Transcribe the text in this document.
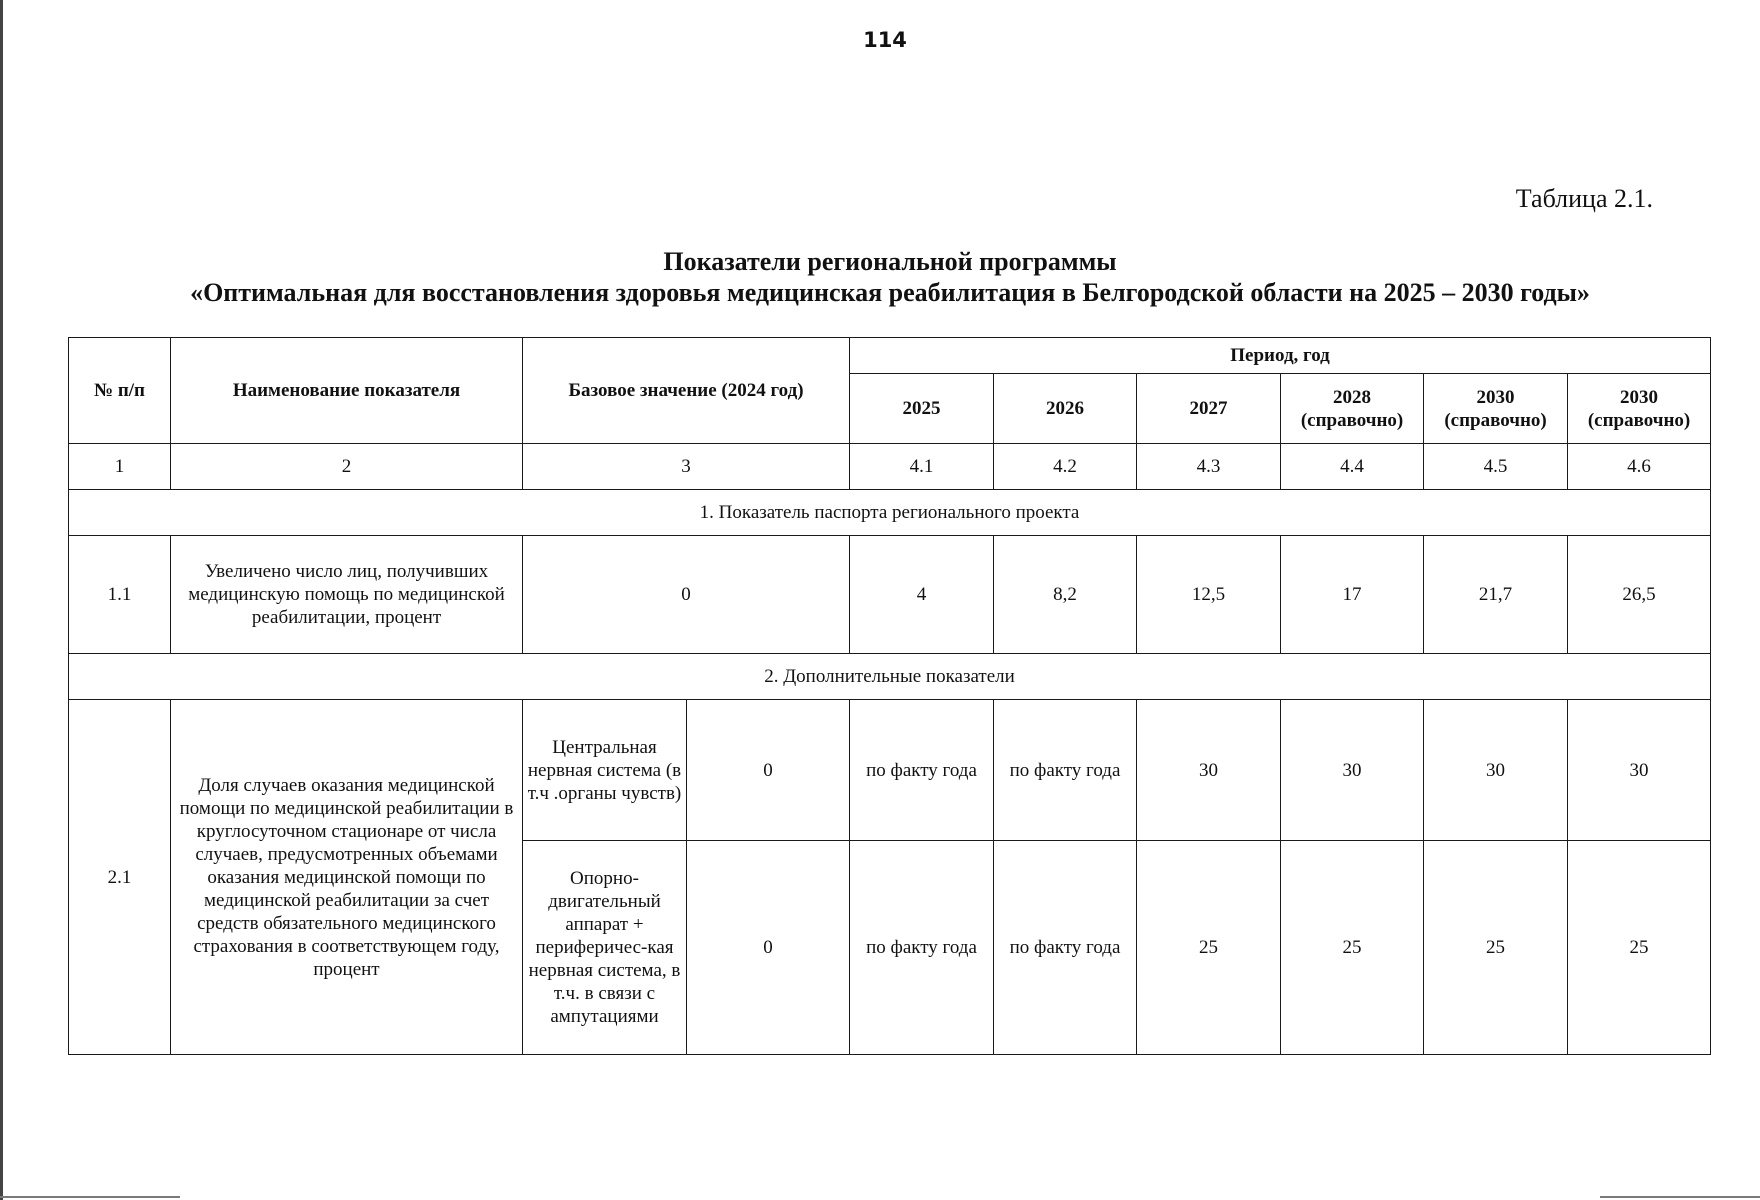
114
Таблица 2.1.
Показатели региональной программы
«Оптимальная для восстановления здоровья медицинская реабилитация в Белгородской области на 2025 – 2030 годы»
№ п/п	Наименование показателя	Базовое значение (2024 год)		Период, год					
				2025	2026	2027	2028 (справочно)	2030 (справочно)	2030 (справочно)
1	2	3		4.1	4.2	4.3	4.4	4.5	4.6
1. Показатель паспорта регионального проекта									
1.1	Увеличено число лиц, получивших медицинскую помощь по медицинской реабилитации, процент	0		4	8,2	12,5	17	21,7	26,5
2. Дополнительные показатели									
2.1	Доля случаев оказания медицинской помощи по медицинской реабилитации в круглосуточном стационаре от числа случаев, предусмотренных объемами оказания медицинской помощи по медицинской реабилитации за счет средств обязательного медицинского страхования в соответствующем году, процент	Центральная нервная система (в т.ч .органы чувств)	0	по факту года	по факту года	30	30	30	30
		Опорно-двигательный аппарат + периферичес-кая нервная система, в т.ч. в связи с ампутациями	0	по факту года	по факту года	25	25	25	25
